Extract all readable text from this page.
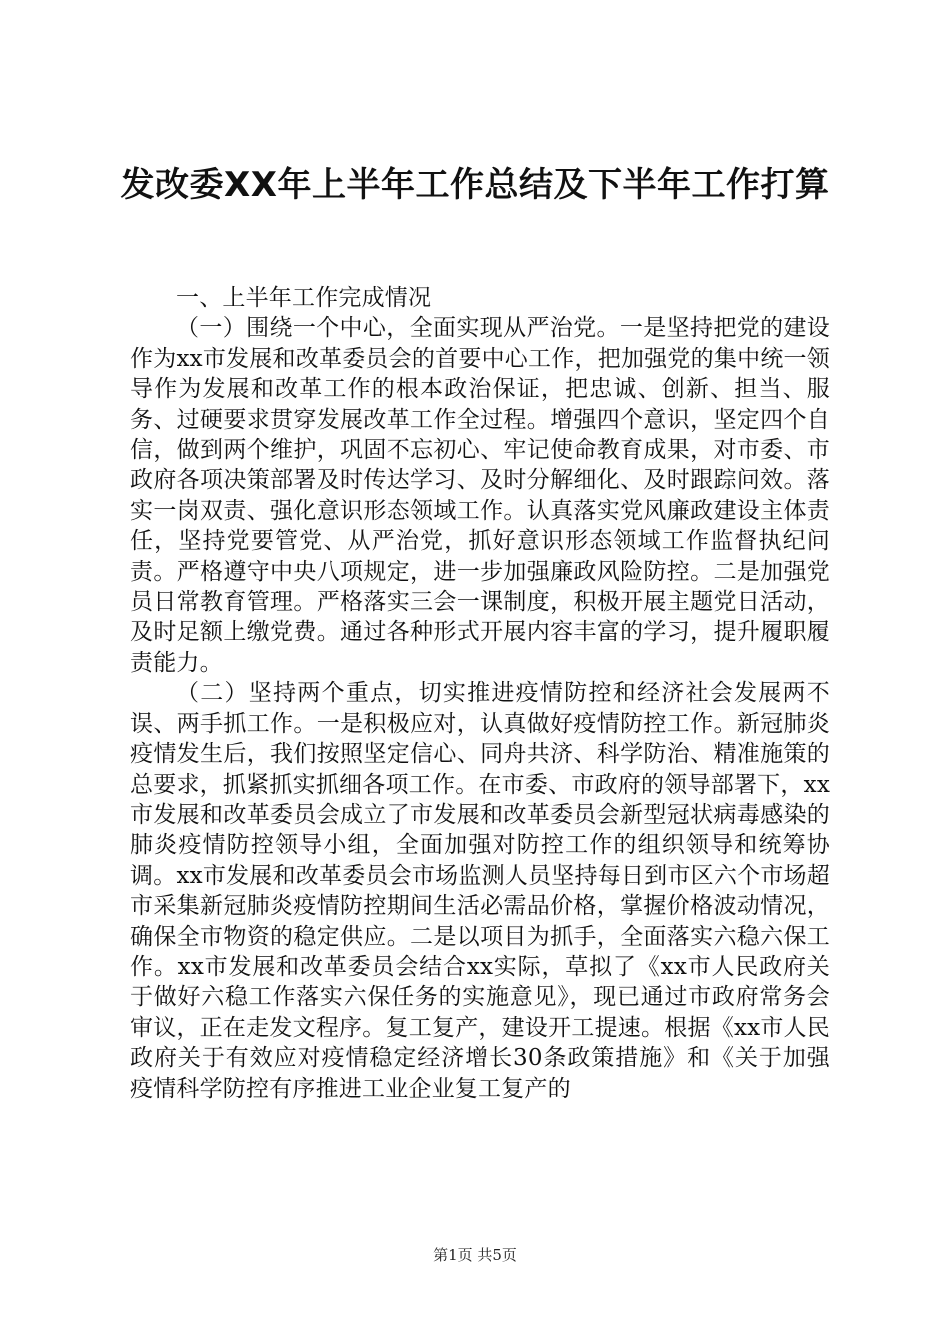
发改委XX年上半年工作总结及下半年工作打算

一、上半年工作完成情况

（一）围绕一个中心，全面实现从严治党。一是坚持把党的建设作为xx市发展和改革委员会的首要中心工作，把加强党的集中统一领导作为发展和改革工作的根本政治保证，把忠诚、创新、担当、服务、过硬要求贯穿发展改革工作全过程。增强四个意识，坚定四个自信，做到两个维护，巩固不忘初心、牢记使命教育成果，对市委、市政府各项决策部署及时传达学习、及时分解细化、及时跟踪问效。落实一岗双责、强化意识形态领域工作。认真落实党风廉政建设主体责任，坚持党要管党、从严治党，抓好意识形态领域工作监督执纪问责。严格遵守中央八项规定，进一步加强廉政风险防控。二是加强党员日常教育管理。严格落实三会一课制度，积极开展主题党日活动，及时足额上缴党费。通过各种形式开展内容丰富的学习，提升履职履责能力。

（二）坚持两个重点，切实推进疫情防控和经济社会发展两不误、两手抓工作。一是积极应对，认真做好疫情防控工作。新冠肺炎疫情发生后，我们按照坚定信心、同舟共济、科学防治、精准施策的总要求，抓紧抓实抓细各项工作。在市委、市政府的领导部署下，xx市发展和改革委员会成立了市发展和改革委员会新型冠状病毒感染的肺炎疫情防控领导小组，全面加强对防控工作的组织领导和统筹协调。xx市发展和改革委员会市场监测人员坚持每日到市区六个市场超市采集新冠肺炎疫情防控期间生活必需品价格，掌握价格波动情况，确保全市物资的稳定供应。二是以项目为抓手，全面落实六稳六保工作。xx市发展和改革委员会结合xx实际，草拟了《xx市人民政府关于做好六稳工作落实六保任务的实施意见》，现已通过市政府常务会审议，正在走发文程序。复工复产，建设开工提速。根据《xx市人民政府关于有效应对疫情稳定经济增长30条政策措施》和《关于加强疫情科学防控有序推进工业企业复工复产的

第1页 共5页
